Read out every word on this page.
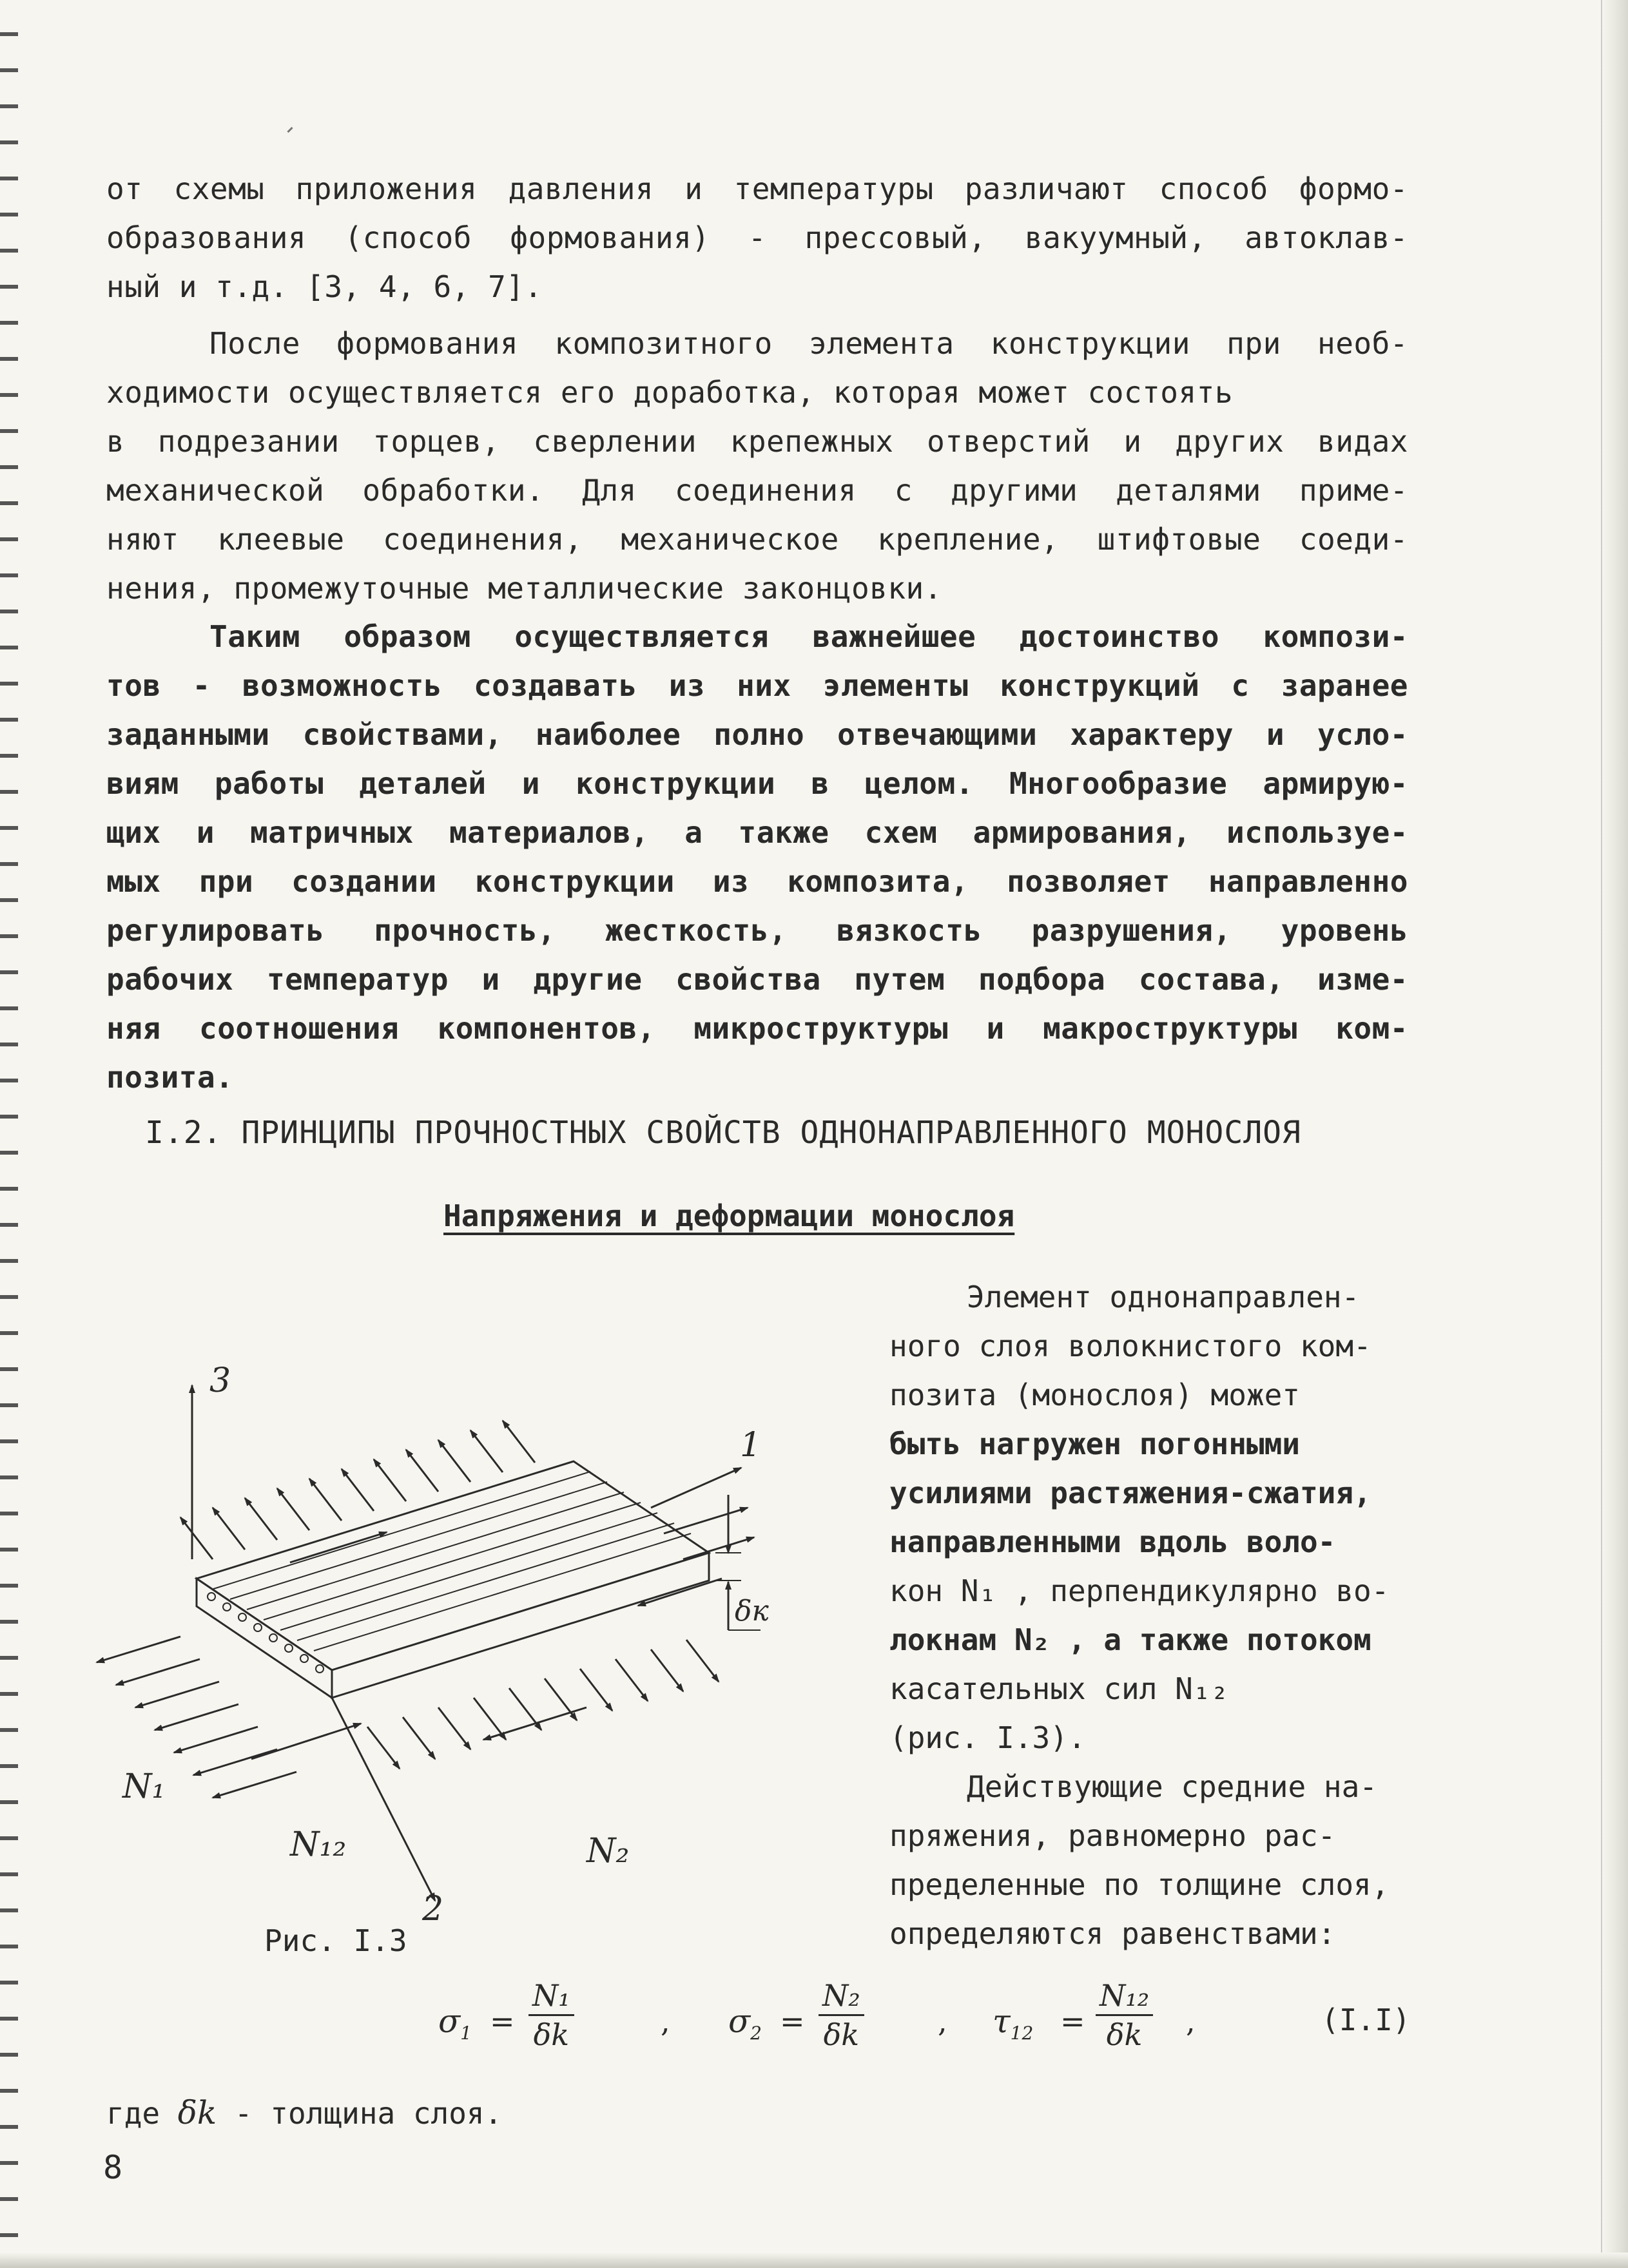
от схемы приложения давления и температуры различают способ формо-
образования (способ формования) - прессовый, вакуумный, автоклав-
ный и т.д. [3, 4, 6, 7].
После формования композитного элемента конструкции при необ-
ходимости осуществляется его доработка, которая может состоять
в подрезании торцев, сверлении крепежных отверстий и других видах
механической обработки. Для соединения с другими деталями приме-
няют клеевые соединения, механическое крепление, штифтовые соеди-
нения, промежуточные металлические законцовки.
Таким образом осуществляется важнейшее достоинство компози-
тов - возможность создавать из них элементы конструкций с заранее
заданными свойствами, наиболее полно отвечающими характеру и усло-
виям работы деталей и конструкции в целом. Многообразие армирую-
щих и матричных материалов, а также схем армирования, используе-
мых при создании конструкции из композита, позволяет направленно
регулировать прочность, жесткость, вязкость разрушения, уровень
рабочих температур и другие свойства путем подбора состава, изме-
няя соотношения компонентов, микроструктуры и макроструктуры ком-
позита.
I.2. ПРИНЦИПЫ ПРОЧНОСТНЫХ СВОЙСТВ ОДНОНАПРАВЛЕННОГО МОНОСЛОЯ
Напряжения и деформации монослоя
Элемент однонаправлен-
ного слоя волокнистого ком-
позита (монослоя) может
быть нагружен погонными
усилиями растяжения-сжатия,
направленными вдоль воло-
кон N₁ , перпендикулярно во-
локнам N₂ , а также потоком
касательных сил N₁₂
(рис. I.3).
Действующие средние на-
пряжения, равномерно рас-
пределенные по толщине слоя,
определяются равенствами:
3
1
2
N₁
N₁₂	N₂
δк
Рис. I.3
$\sigma_1$ =
N₁
δk	, $\sigma_2$ =
N₂
δk	, $\tau_{12}$ =
N₁₂
δk ,	(I.I)
где δk - толщина слоя.
8
